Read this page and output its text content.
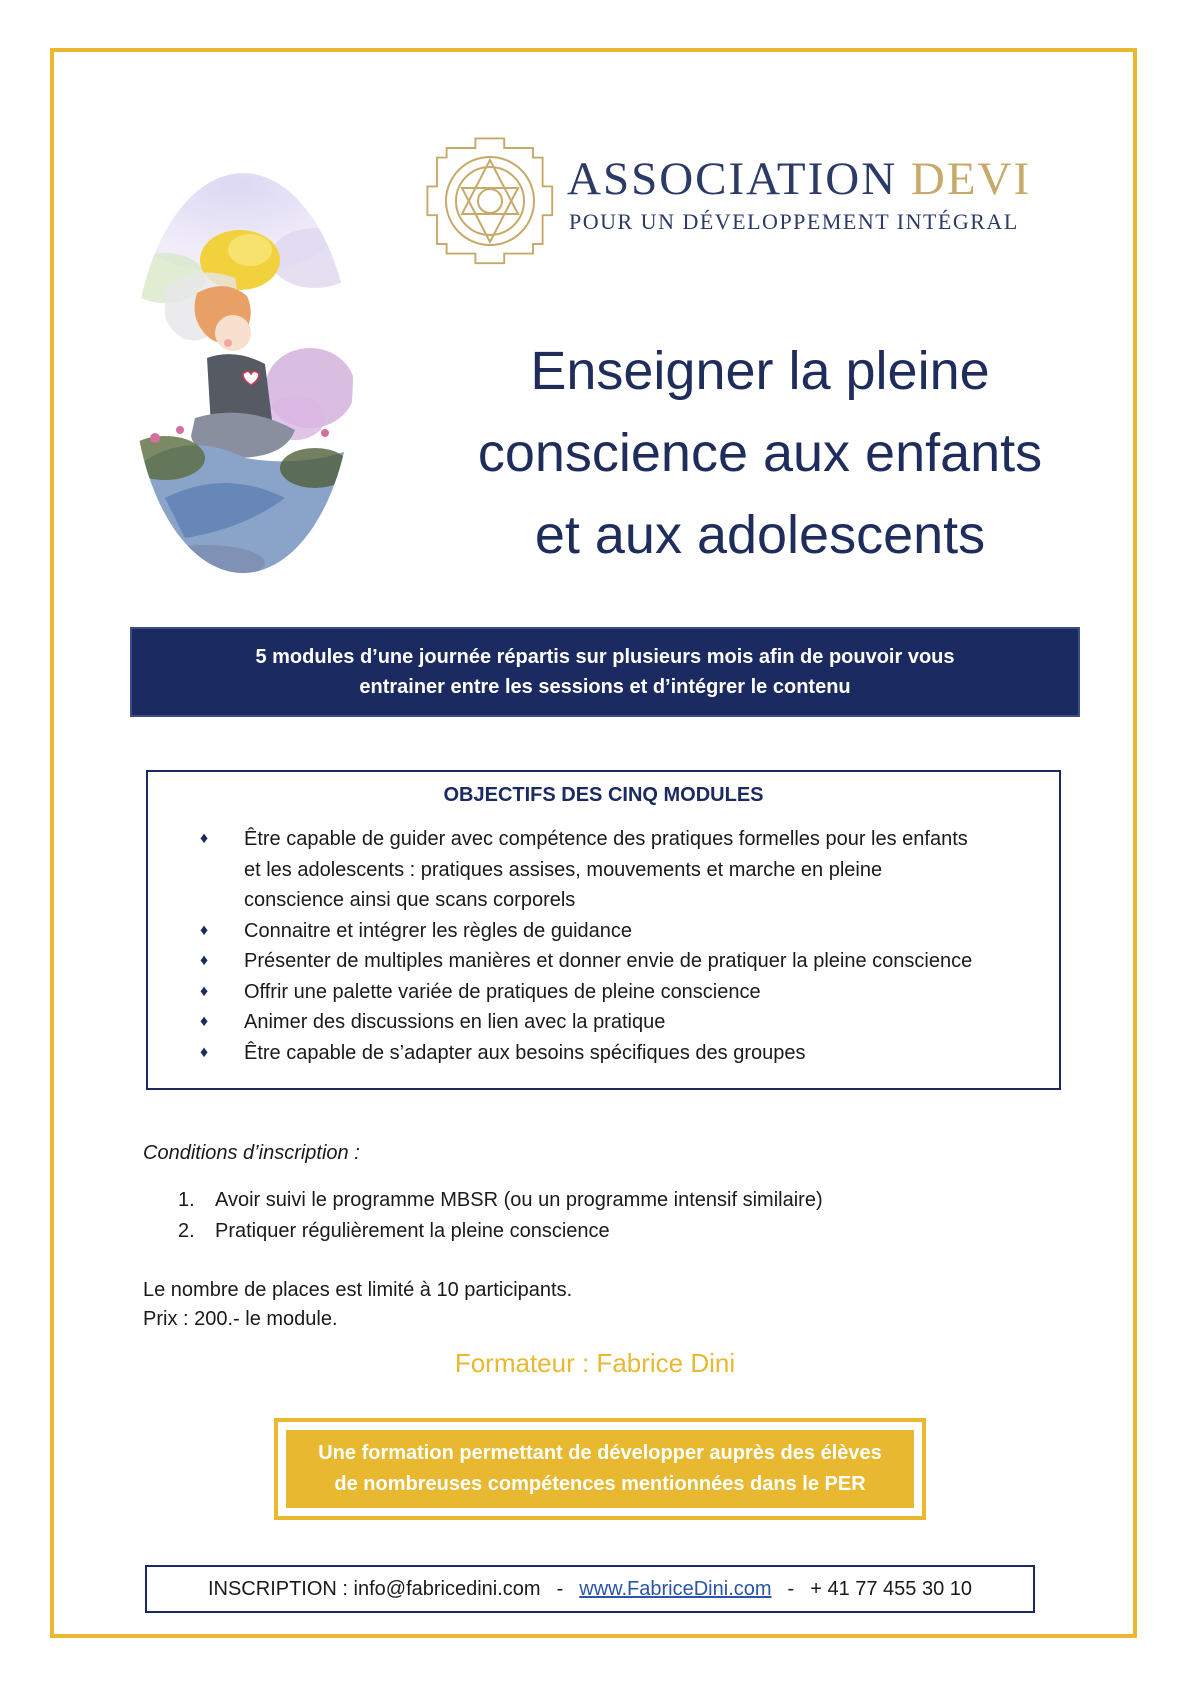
ASSOCIATION DEVI
POUR UN DÉVELOPPEMENT INTÉGRAL
Enseigner la pleine
conscience aux enfants
et aux adolescents
5 modules d’une journée répartis sur plusieurs mois afin de pouvoir vous
entrainer entre les sessions et d’intégrer le contenu
OBJECTIFS DES CINQ MODULES
♦ Être capable de guider avec compétence des pratiques formelles pour les enfants
et les adolescents : pratiques assises, mouvements et marche en pleine
conscience ainsi que scans corporels
♦ Connaitre et intégrer les règles de guidance
♦ Présenter de multiples manières et donner envie de pratiquer la pleine conscience
♦ Offrir une palette variée de pratiques de pleine conscience
♦ Animer des discussions en lien avec la pratique
♦ Être capable de s’adapter aux besoins spécifiques des groupes
Conditions d’inscription :
1. Avoir suivi le programme MBSR (ou un programme intensif similaire)
2. Pratiquer régulièrement la pleine conscience
Le nombre de places est limité à 10 participants.
Prix : 200.- le module.
Formateur : Fabrice Dini
Une formation permettant de développer auprès des élèves
de nombreuses compétences mentionnées dans le PER
INSCRIPTION : info@fabricedini.com - www.FabriceDini.com - + 41 77 455 30 10
